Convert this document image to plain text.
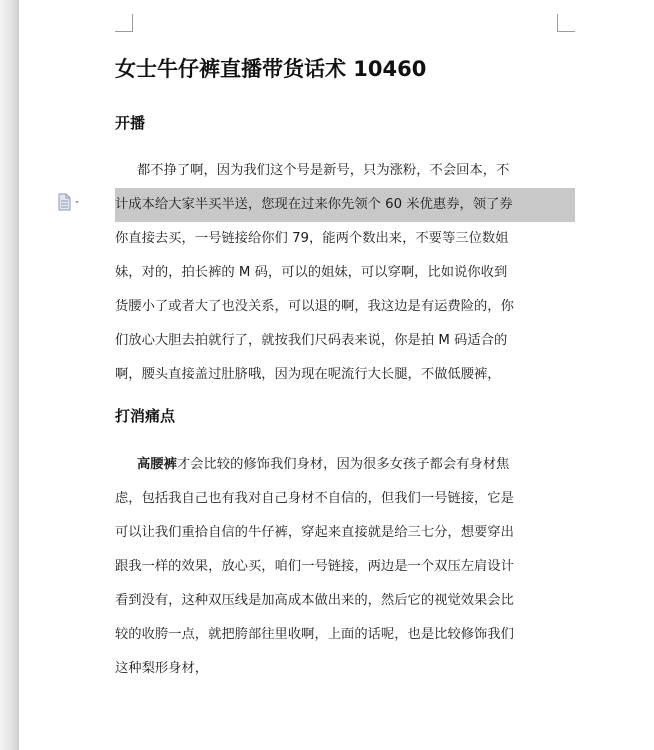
女士牛仔裤直播带货话术 10460
开播
都不挣了啊，因为我们这个号是新号，只为涨粉，不会回本，不
计成本给大家半买半送，您现在过来你先领个 60 米优惠券，领了券
你直接去买，一号链接给你们 79，能两个数出来，不要等三位数姐
妹，对的，拍长裤的 M 码，可以的姐妹，可以穿啊，比如说你收到
货腰小了或者大了也没关系，可以退的啊，我这边是有运费险的，你
们放心大胆去拍就行了，就按我们尺码表来说，你是拍 M 码适合的
啊，腰头直接盖过肚脐哦，因为现在呢流行大长腿，不做低腰裤，
打消痛点
高腰裤才会比较的修饰我们身材，因为很多女孩子都会有身材焦
虑，包括我自己也有我对自己身材不自信的，但我们一号链接，它是
可以让我们重拾自信的牛仔裤，穿起来直接就是给三七分，想要穿出
跟我一样的效果，放心买，咱们一号链接，两边是一个双压左肩设计
看到没有，这种双压线是加高成本做出来的，然后它的视觉效果会比
较的收胯一点，就把胯部往里收啊，上面的话呢，也是比较修饰我们
这种梨形身材，
